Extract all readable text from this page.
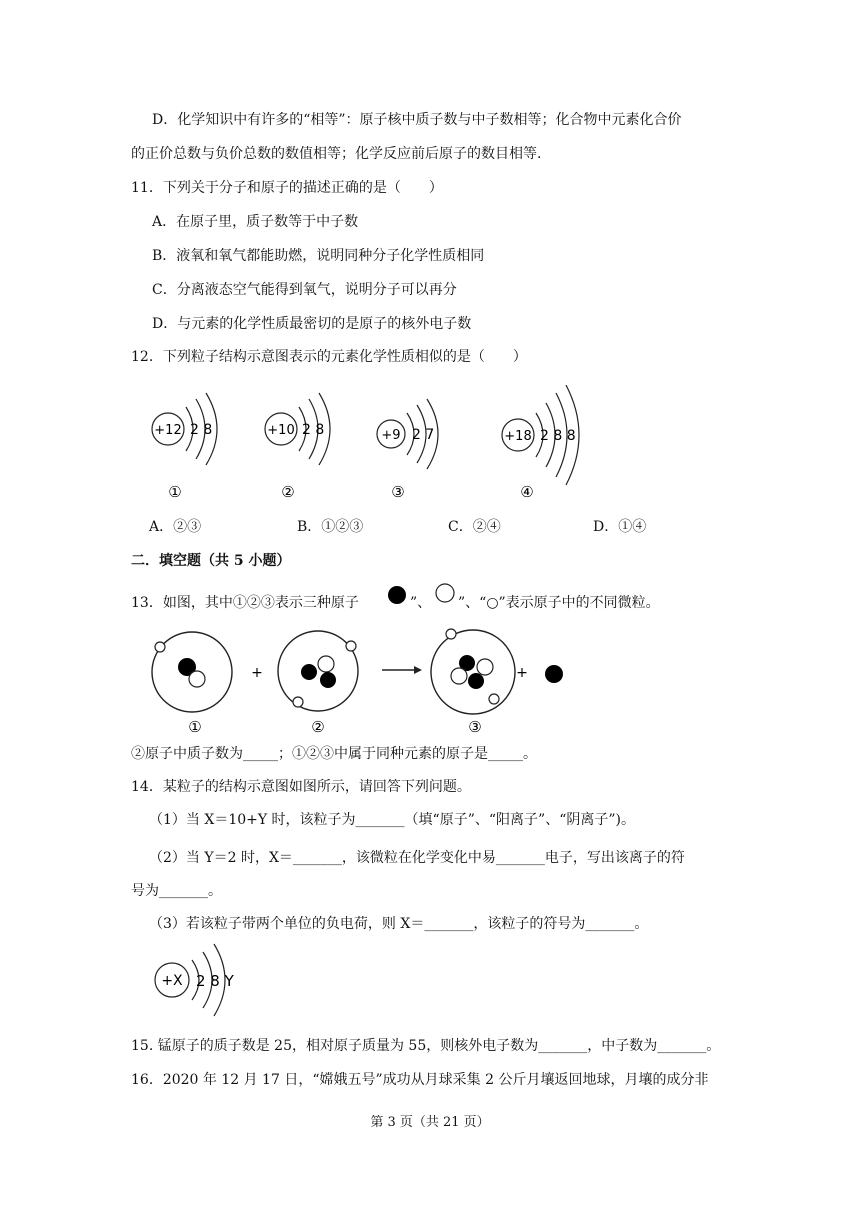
D．化学知识中有许多的“相等”：原子核中质子数与中子数相等；化合物中元素化合价
的正价总数与负价总数的数值相等；化学反应前后原子的数目相等.
11．下列关于分子和原子的描述正确的是（　　）
A．在原子里，质子数等于中子数
B．液氧和氧气都能助燃，说明同种分子化学性质相同
C．分离液态空气能得到氧气，说明分子可以再分
D．与元素的化学性质最密切的是原子的核外电子数
12．下列粒子结构示意图表示的元素化学性质相似的是（　　）
+12 2 8
①
+10 2 8
②
+9 2 7
③
+18 2 8 8
④
A．②③	B．①②③	C．②④	D．①④
二．填空题（共 5 小题）
13．如图，其中①②③表示三种原子	”、 ”、“○”表示原子中的不同微粒。
①
+
②	③
+
②原子中质子数为_____；①②③中属于同种元素的原子是_____。
14．某粒子的结构示意图如图所示，请回答下列问题。
（1）当 X＝10+Y 时，该粒子为_______（填“原子”、“阳离子”、“阴离子”)。
（2）当 Y＝2 时，X＝_______，该微粒在化学变化中易_______电子，写出该离子的符
号为_______。
（3）若该粒子带两个单位的负电荷，则 X＝_______，该粒子的符号为_______。
+X 2 8 Y
15. 锰原子的质子数是 25，相对原子质量为 55，则核外电子数为_______，中子数为_______。
16．2020 年 12 月 17 日，“嫦娥五号”成功从月球采集 2 公斤月壤返回地球，月壤的成分非
第 3 页（共 21 页）
